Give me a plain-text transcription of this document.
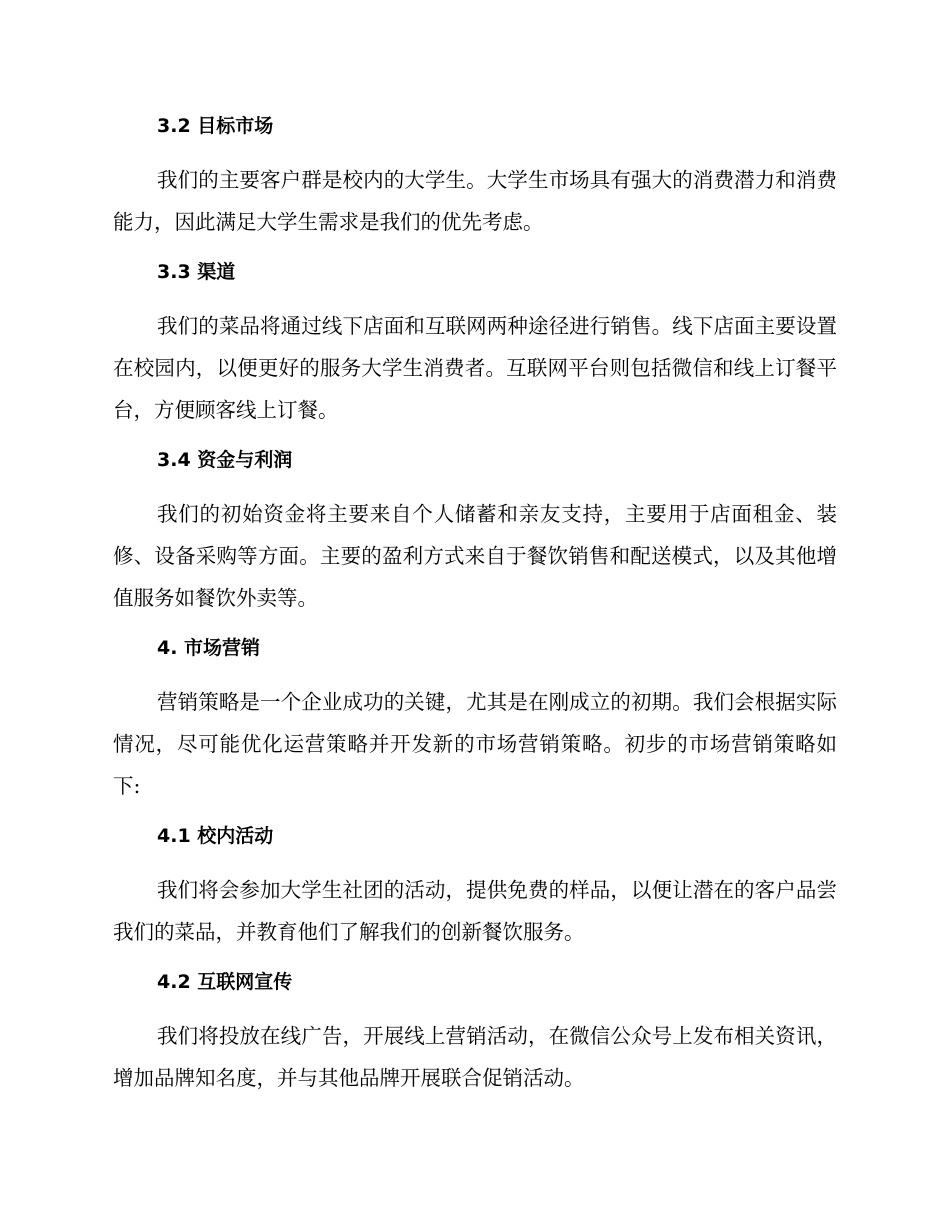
3.2 目标市场

我们的主要客户群是校内的大学生。大学生市场具有强大的消费潜力和消费能力，因此满足大学生需求是我们的优先考虑。

3.3 渠道

我们的菜品将通过线下店面和互联网两种途径进行销售。线下店面主要设置在校园内，以便更好的服务大学生消费者。互联网平台则包括微信和线上订餐平台，方便顾客线上订餐。

3.4 资金与利润

我们的初始资金将主要来自个人储蓄和亲友支持，主要用于店面租金、装修、设备采购等方面。主要的盈利方式来自于餐饮销售和配送模式，以及其他增值服务如餐饮外卖等。

4. 市场营销

营销策略是一个企业成功的关键，尤其是在刚成立的初期。我们会根据实际情况，尽可能优化运营策略并开发新的市场营销策略。初步的市场营销策略如下:

4.1 校内活动

我们将会参加大学生社团的活动，提供免费的样品，以便让潜在的客户品尝我们的菜品，并教育他们了解我们的创新餐饮服务。

4.2 互联网宣传

我们将投放在线广告，开展线上营销活动，在微信公众号上发布相关资讯，增加品牌知名度，并与其他品牌开展联合促销活动。
